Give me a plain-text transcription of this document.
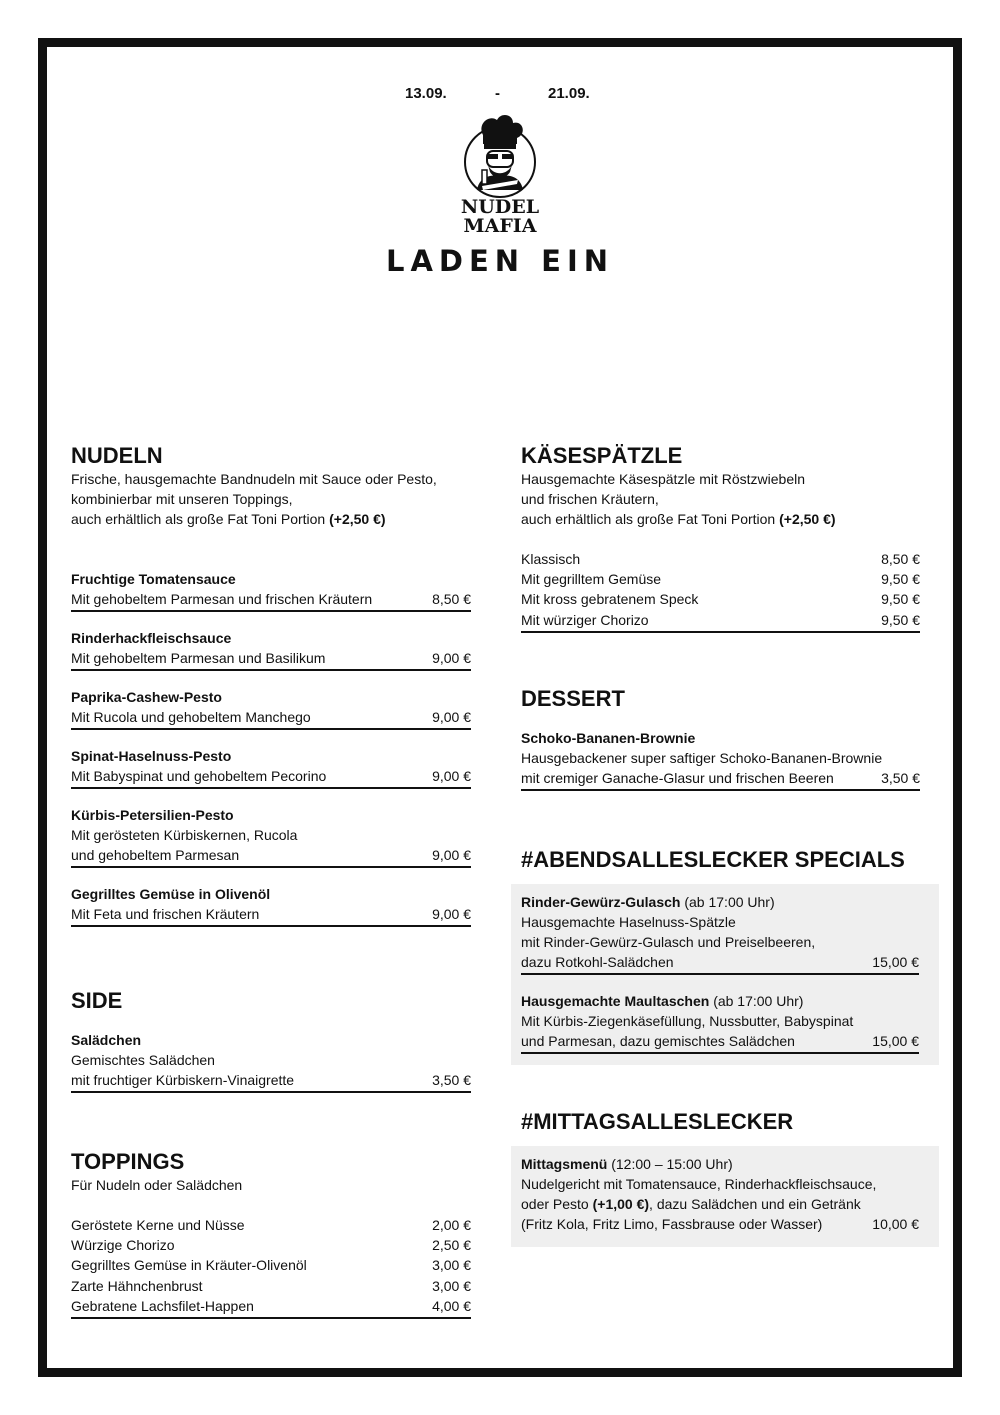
13.09.	-	21.09.
NUDEL
MAFIA
LADEN EIN
NUDELN

Frische, hausgemachte Bandnudeln mit Sauce oder Pesto,

kombinierbar mit unseren Toppings,

auch erhältlich als große Fat Toni Portion (+2,50 €)

Fruchtige Tomatensauce
Mit gehobeltem Parmesan und frischen Kräutern	8,50 €
Rinderhackfleischsauce
Mit gehobeltem Parmesan und Basilikum	9,00 €
Paprika-Cashew-Pesto
Mit Rucola und gehobeltem Manchego	9,00 €
Spinat-Haselnuss-Pesto
Mit Babyspinat und gehobeltem Pecorino	9,00 €
Kürbis-Petersilien-Pesto
Mit gerösteten Kürbiskernen, Rucola
und gehobeltem Parmesan	9,00 €
Gegrilltes Gemüse in Olivenöl
Mit Feta und frischen Kräutern	9,00 €
SIDE
Salädchen
Gemischtes Salädchen
mit fruchtiger Kürbiskern-Vinaigrette	3,50 €
TOPPINGS

Für Nudeln oder Salädchen

Geröstete Kerne und Nüsse	2,00 €
Würzige Chorizo	2,50 €
Gegrilltes Gemüse in Kräuter-Olivenöl	3,00 €
Zarte Hähnchenbrust	3,00 €
Gebratene Lachsfilet-Happen	4,00 €
KÄSESPÄTZLE

Hausgemachte Käsespätzle mit Röstzwiebeln

und frischen Kräutern,

auch erhältlich als große Fat Toni Portion (+2,50 €)

Klassisch	8,50 €
Mit gegrilltem Gemüse	9,50 €
Mit kross gebratenem Speck	9,50 €
Mit würziger Chorizo	9,50 €
DESSERT
Schoko-Bananen-Brownie
Hausgebackener super saftiger Schoko-Bananen-Brownie
mit cremiger Ganache-Glasur und frischen Beeren	3,50 €
#ABENDSALLESLECKER SPECIALS
Rinder-Gewürz-Gulasch (ab 17:00 Uhr)
Hausgemachte Haselnuss-Spätzle
mit Rinder-Gewürz-Gulasch und Preiselbeeren,
dazu Rotkohl-Salädchen	15,00 €
Hausgemachte Maultaschen (ab 17:00 Uhr)
Mit Kürbis-Ziegenkäsefüllung, Nussbutter, Babyspinat
und Parmesan, dazu gemischtes Salädchen	15,00 €
#MITTAGSALLESLECKER
Mittagsmenü (12:00 – 15:00 Uhr)
Nudelgericht mit Tomatensauce, Rinderhackfleischsauce,
oder Pesto (+1,00 €), dazu Salädchen und ein Getränk
(Fritz Kola, Fritz Limo, Fassbrause oder Wasser)	10,00 €
